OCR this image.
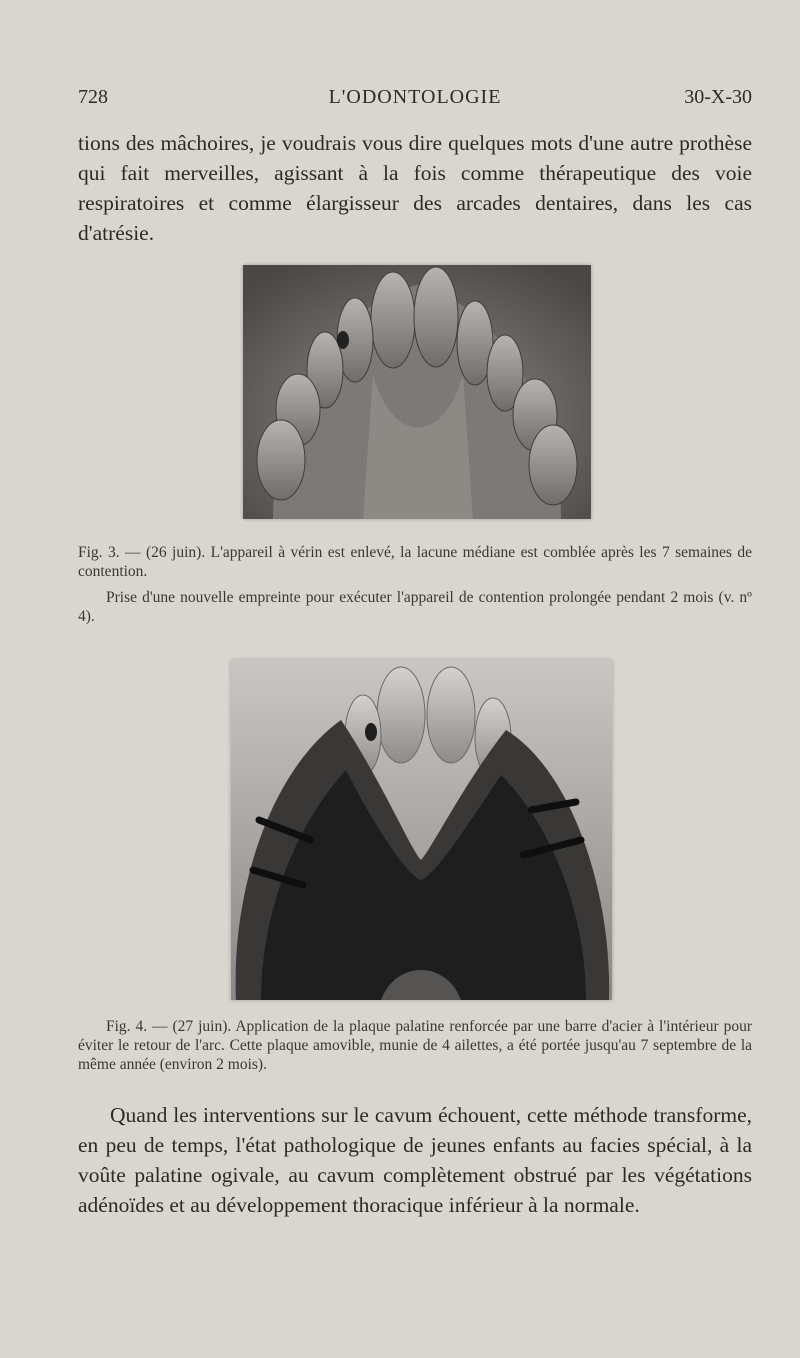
728	L'ODONTOLOGIE	30-X-30

tions des mâchoires, je voudrais vous dire quelques mots d'une autre prothèse qui fait merveilles, agissant à la fois comme thérapeutique des voie respiratoires et comme élargisseur des arcades dentaires, dans les cas d'atrésie.

Fig. 3. — (26 juin). L'appareil à vérin est enlevé, la lacune médiane est comblée après les 7 semaines de contention.

Prise d'une nouvelle empreinte pour exécuter l'appareil de contention prolongée pendant 2 mois (v. nº 4).

Fig. 4. — (27 juin). Application de la plaque palatine renforcée par une barre d'acier à l'intérieur pour éviter le retour de l'arc. Cette plaque amovible, munie de 4 ailettes, a été portée jusqu'au 7 septembre de la même année (environ 2 mois).

Quand les interventions sur le cavum échouent, cette méthode transforme, en peu de temps, l'état pathologique de jeunes enfants au facies spécial, à la voûte palatine ogivale, au cavum complètement obstrué par les végétations adénoïdes et au développement thoracique inférieur à la normale.
